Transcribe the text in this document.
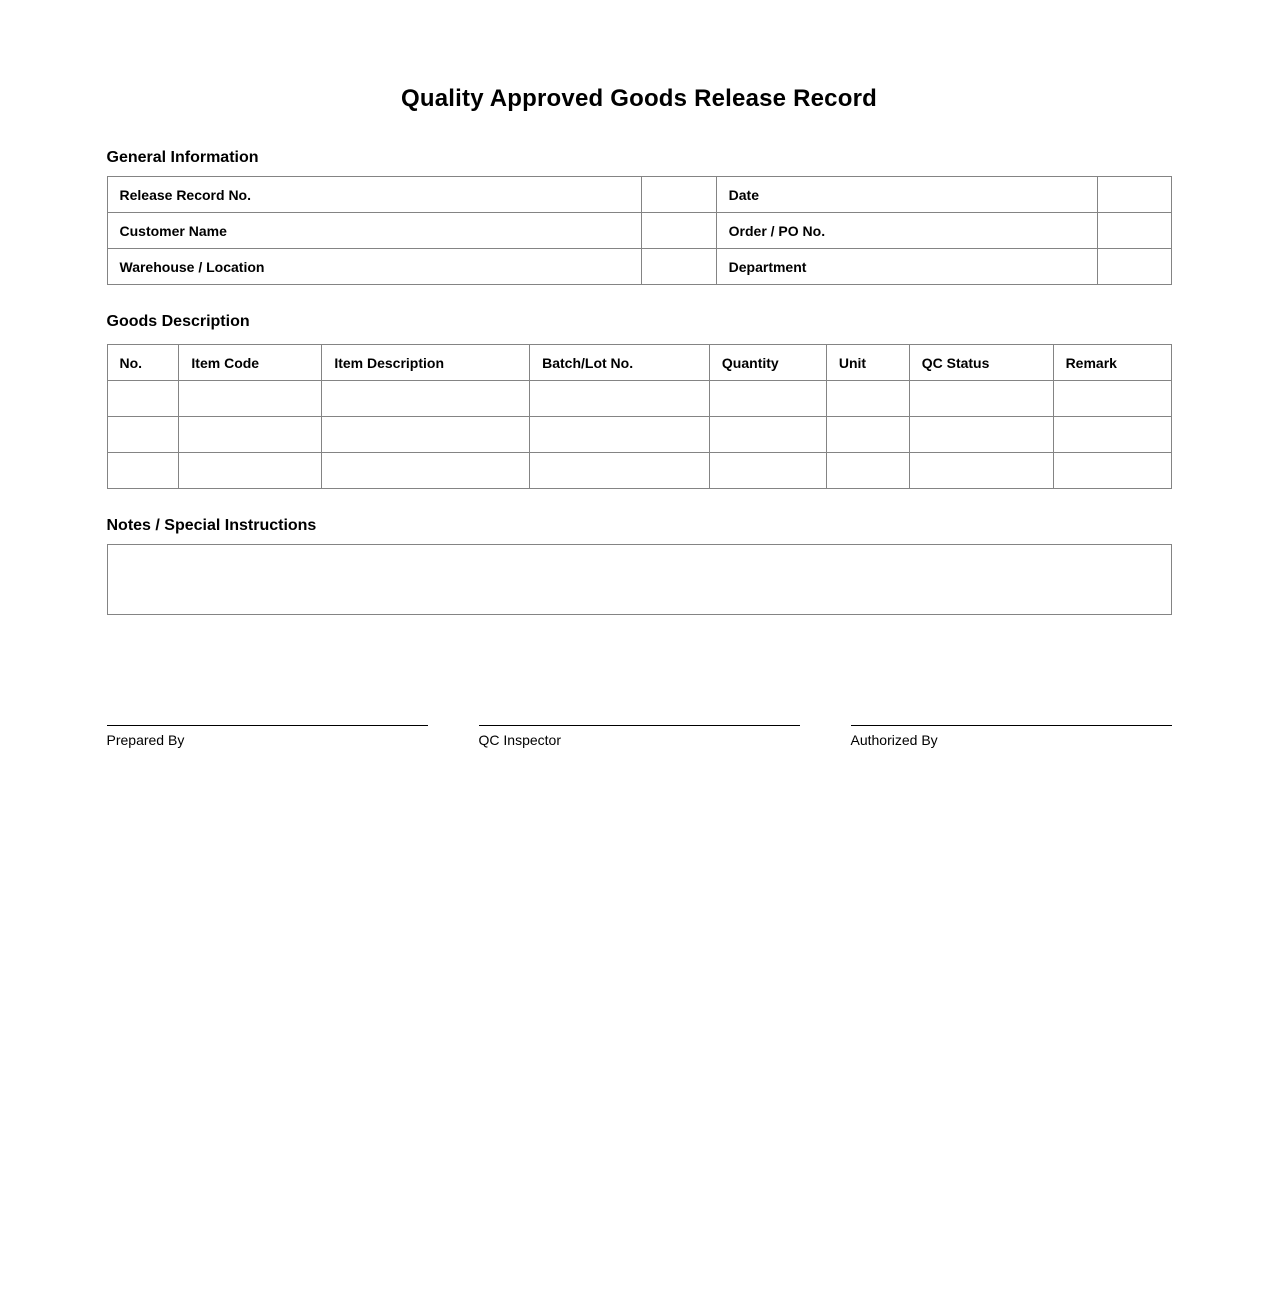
Quality Approved Goods Release Record
General Information
Release Record No.		Date	
Customer Name		Order / PO No.	
Warehouse / Location		Department	
Goods Description
No.	Item Code	Item Description	Batch/Lot No.	Quantity	Unit	QC Status	Remark

Notes / Special Instructions
Prepared By	QC Inspector	Authorized By
